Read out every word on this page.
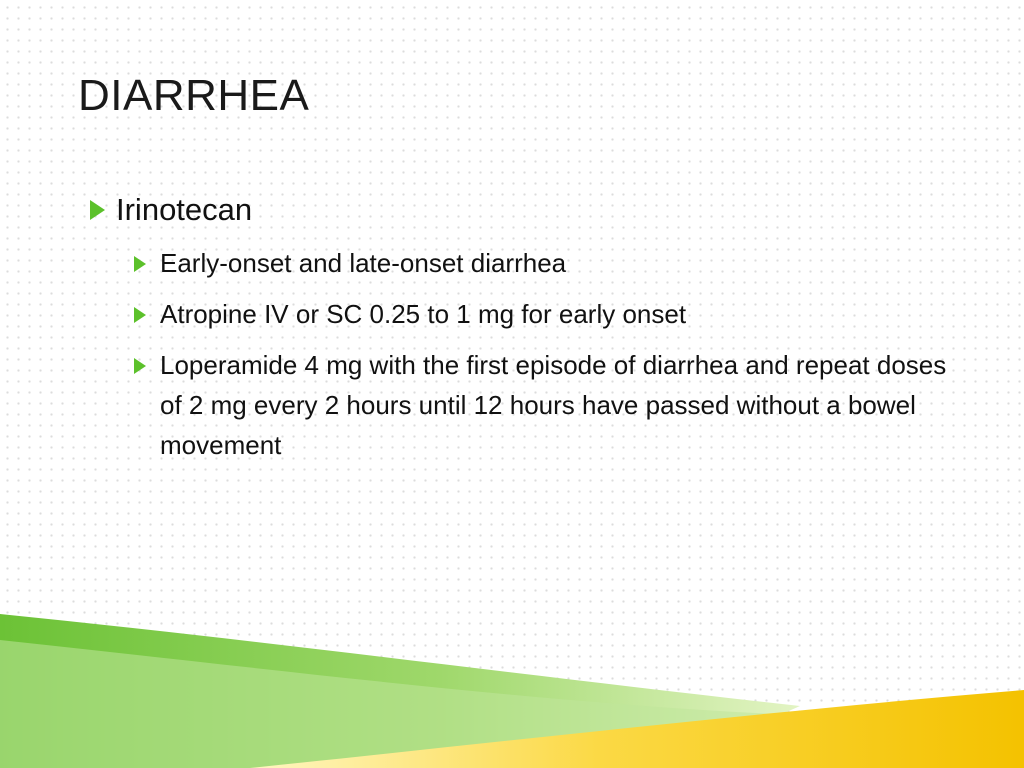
DIARRHEA
Irinotecan
Early-onset and late-onset diarrhea
Atropine IV or SC 0.25 to 1 mg for early onset
Loperamide 4 mg with the first episode of diarrhea and repeat doses of 2 mg every 2 hours until 12 hours have passed without a bowel movement
